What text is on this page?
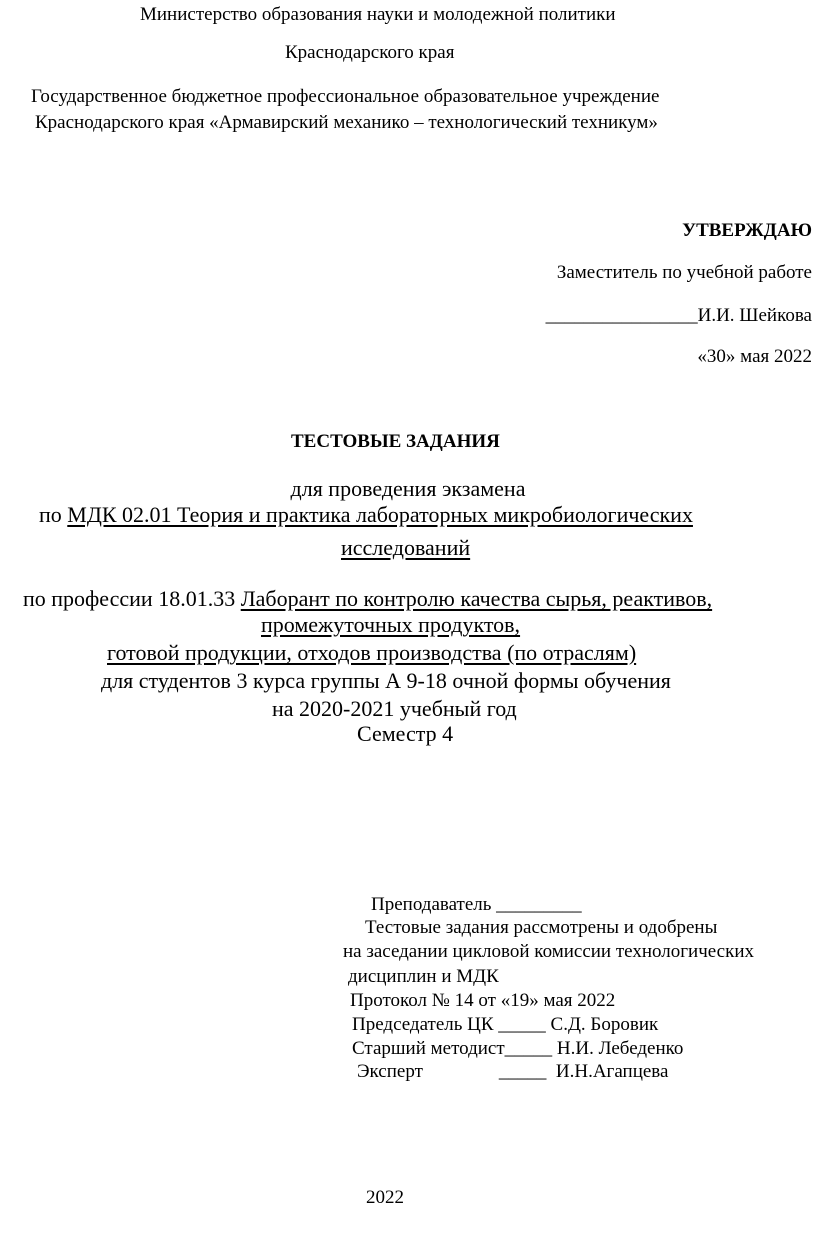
Министерство образования науки и молодежной политики
Краснодарского края
Государственное бюджетное профессиональное образовательное учреждение
Краснодарского края «Армавирский механико – технологический техникум»
УТВЕРЖДАЮ
Заместитель по учебной работе
________________И.И. Шейкова
«30» мая 2022
ТЕСТОВЫЕ ЗАДАНИЯ
для проведения экзамена
по МДК 02.01 Теория и практика лабораторных микробиологических
исследований
по профессии 18.01.33 Лаборант по контролю качества сырья, реактивов,
промежуточных продуктов,
готовой продукции, отходов производства (по отраслям)
для студентов 3 курса группы А 9-18 очной формы обучения
на 2020-2021 учебный год
Семестр 4
Преподаватель _________
Тестовые задания рассмотрены и одобрены
на заседании цикловой комиссии технологических
дисциплин и МДК
Протокол № 14 от «19» мая 2022
Председатель ЦК _____ С.Д. Боровик
Старший методист_____ Н.И. Лебеденко
Эксперт                _____  И.Н.Агапцева
2022
